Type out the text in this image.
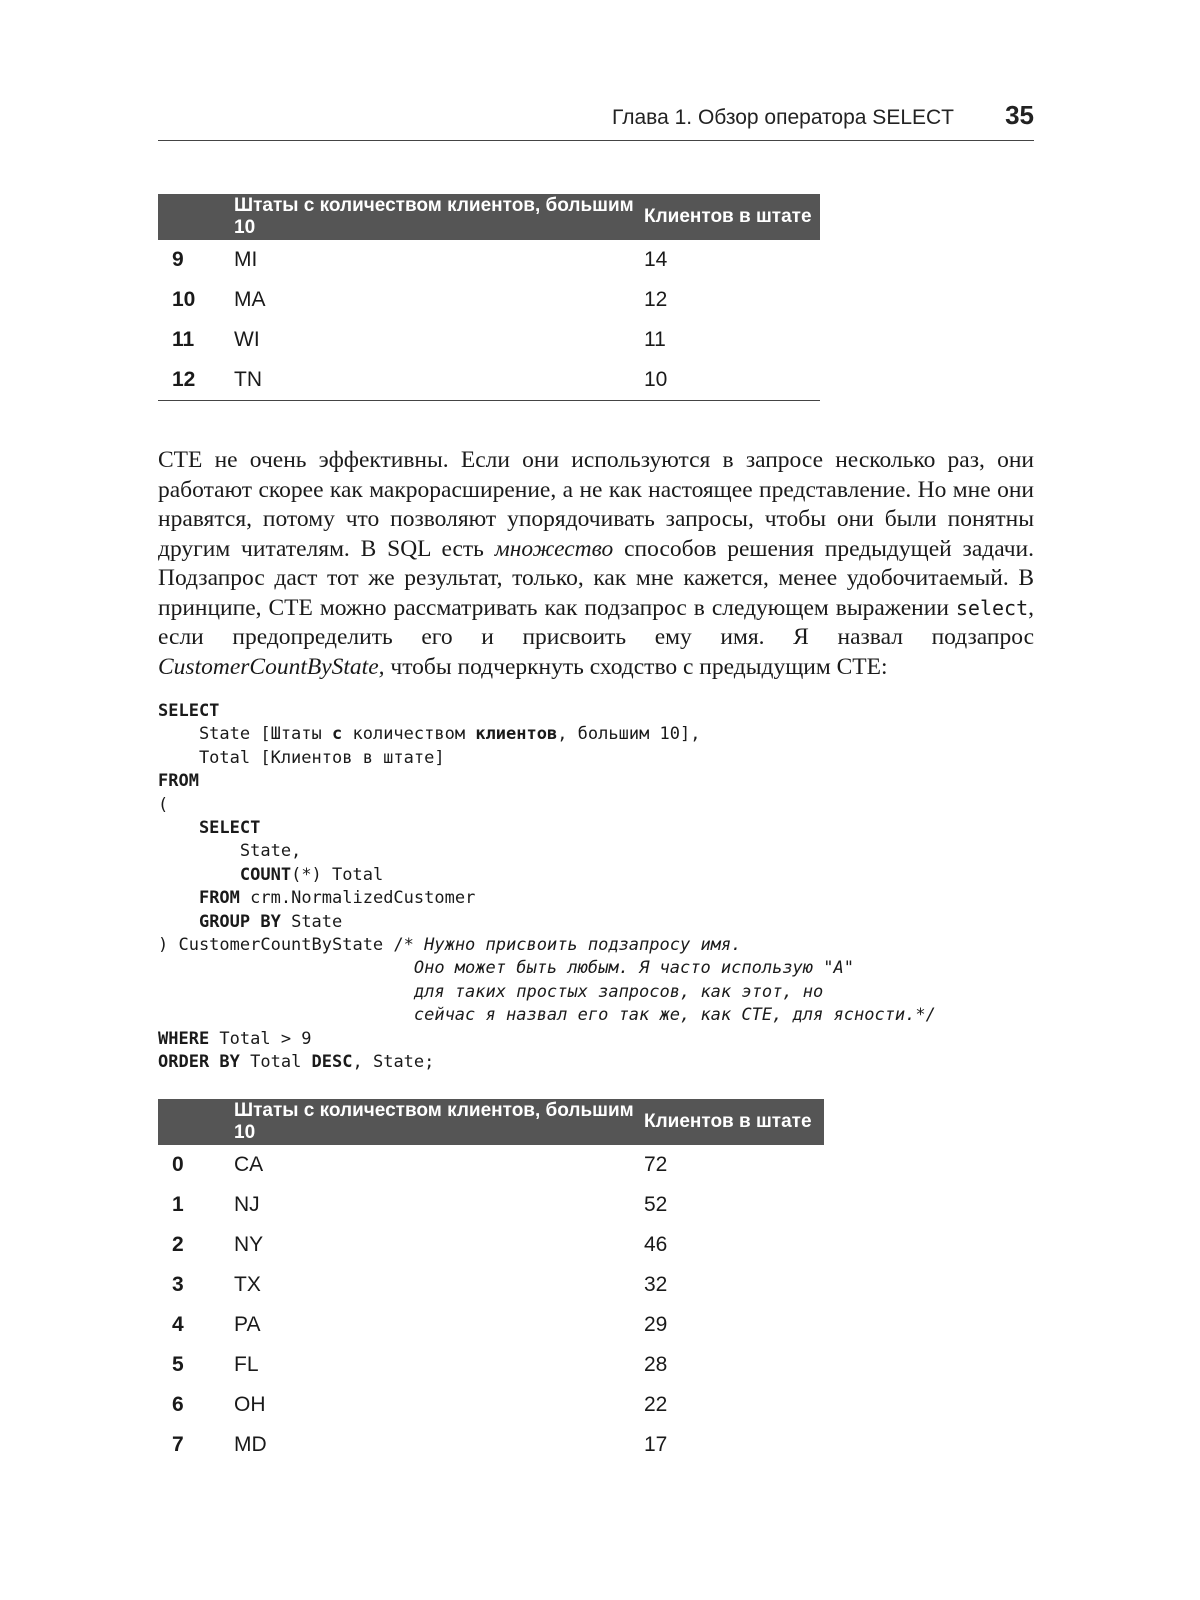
Глава 1. Обзор оператора SELECT 35
	Штаты с количеством клиентов, большим 10	Клиентов в штате
9	MI	14
10	MA	12
11	WI	11
12	TN	10
CTE не очень эффективны. Если они используются в запросе несколько раз, они работают скорее как макрорасширение, а не как настоящее представление. Но мне они нравятся, потому что позволяют упорядочивать запросы, чтобы они были понятны другим читателям. В SQL есть множество способов решения предыдущей задачи. Подзапрос даст тот же результат, только, как мне кажется, менее удобочитаемый. В принципе, CTE можно рассматривать как подзапрос в следующем выражении select, если предопределить его и присвоить ему имя. Я назвал подзапрос CustomerCountByState, чтобы подчеркнуть сходство с предыдущим CTE:
SELECT
State [Штаты с количеством клиентов, большим 10],
Total [Клиентов в штате]
FROM
(
SELECT
State,
COUNT(*) Total
FROM crm.NormalizedCustomer
GROUP BY State
) CustomerCountByState /* Нужно присвоить подзапросу имя.
Оно может быть любым. Я часто использую "A"
для таких простых запросов, как этот, но
сейчас я назвал его так же, как CTE, для ясности.*/
WHERE Total > 9
ORDER BY Total DESC, State;
	Штаты с количеством клиентов, большим 10	Клиентов в штате
0	CA	72
1	NJ	52
2	NY	46
3	TX	32
4	PA	29
5	FL	28
6	OH	22
7	MD	17
